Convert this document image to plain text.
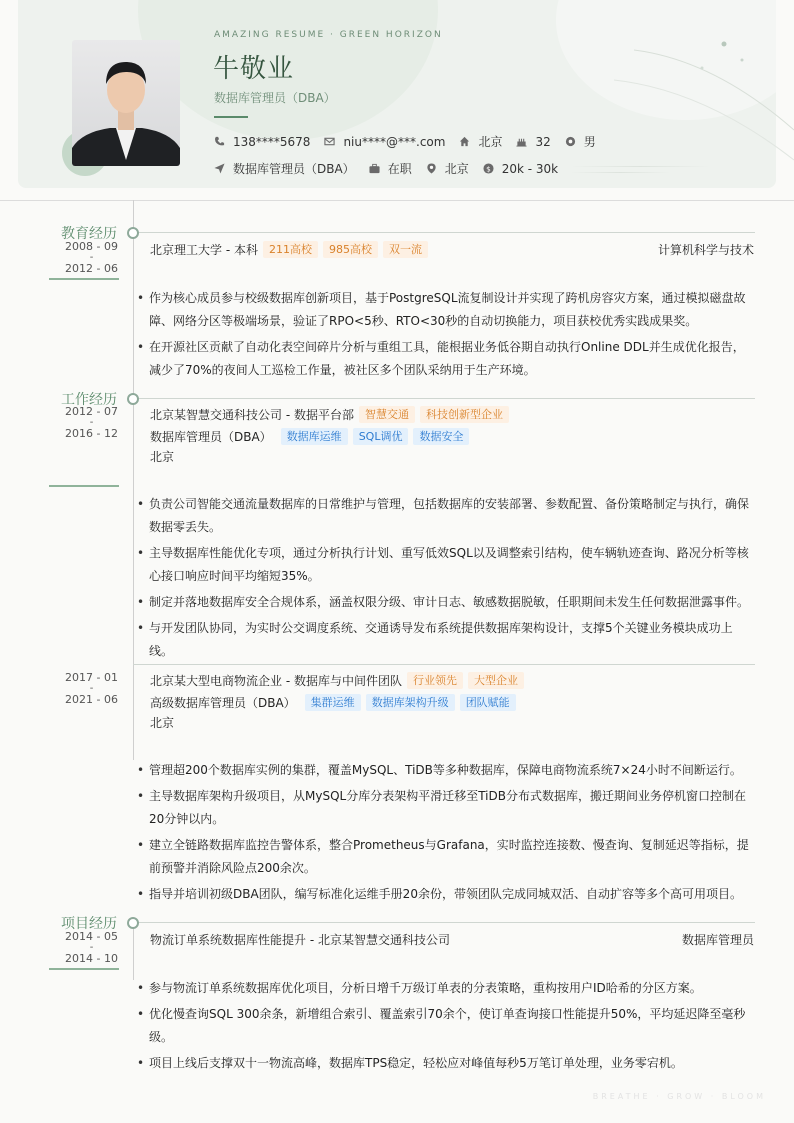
AMAZING RESUME · GREEN HORIZON
牛敬业
数据库管理员（DBA）
138****5678	niu****@***.com	北京	32	男
数据库管理员（DBA）	在职	北京 $ 20k - 30k
教育经历
2008 - 09
-
2012 - 06
北京理工大学 - 本科	211高校	985高校	双一流	计算机科学与技术
• 作为核心成员参与校级数据库创新项目，基于PostgreSQL流复制设计并实现了跨机房容灾方案，通过模拟磁盘故障、网络分区等极端场景，验证了RPO<5秒、RTO<30秒的自动切换能力，项目获校优秀实践成果奖。
• 在开源社区贡献了自动化表空间碎片分析与重组工具，能根据业务低谷期自动执行Online DDL并生成优化报告，减少了70%的夜间人工巡检工作量，被社区多个团队采纳用于生产环境。
工作经历
2012 - 07
-
2016 - 12
北京某智慧交通科技公司 - 数据平台部	智慧交通	科技创新型企业
数据库管理员（DBA）	数据库运维	SQL调优	数据安全
北京
• 负责公司智能交通流量数据库的日常维护与管理，包括数据库的安装部署、参数配置、备份策略制定与执行，确保数据零丢失。
• 主导数据库性能优化专项，通过分析执行计划、重写低效SQL以及调整索引结构，使车辆轨迹查询、路况分析等核心接口响应时间平均缩短35%。
• 制定并落地数据库安全合规体系，涵盖权限分级、审计日志、敏感数据脱敏，任职期间未发生任何数据泄露事件。
• 与开发团队协同，为实时公交调度系统、交通诱导发布系统提供数据库架构设计，支撑5个关键业务模块成功上线。
2017 - 01
-
2021 - 06
北京某大型电商物流企业 - 数据库与中间件团队	行业领先	大型企业
高级数据库管理员（DBA）	集群运维	数据库架构升级	团队赋能
北京
• 管理超200个数据库实例的集群，覆盖MySQL、TiDB等多种数据库，保障电商物流系统7×24小时不间断运行。
• 主导数据库架构升级项目，从MySQL分库分表架构平滑迁移至TiDB分布式数据库，搬迁期间业务停机窗口控制在20分钟以内。
• 建立全链路数据库监控告警体系，整合Prometheus与Grafana，实时监控连接数、慢查询、复制延迟等指标，提前预警并消除风险点200余次。
• 指导并培训初级DBA团队，编写标准化运维手册20余份，带领团队完成同城双活、自动扩容等多个高可用项目。
项目经历
2014 - 05
-
2014 - 10
物流订单系统数据库性能提升 - 北京某智慧交通科技公司	数据库管理员
• 参与物流订单系统数据库优化项目，分析日增千万级订单表的分表策略，重构按用户ID哈希的分区方案。
• 优化慢查询SQL 300余条，新增组合索引、覆盖索引70余个，使订单查询接口性能提升50%，平均延迟降至毫秒级。
• 项目上线后支撑双十一物流高峰，数据库TPS稳定，轻松应对峰值每秒5万笔订单处理，业务零宕机。
BREATHE · GROW · BLOOM
